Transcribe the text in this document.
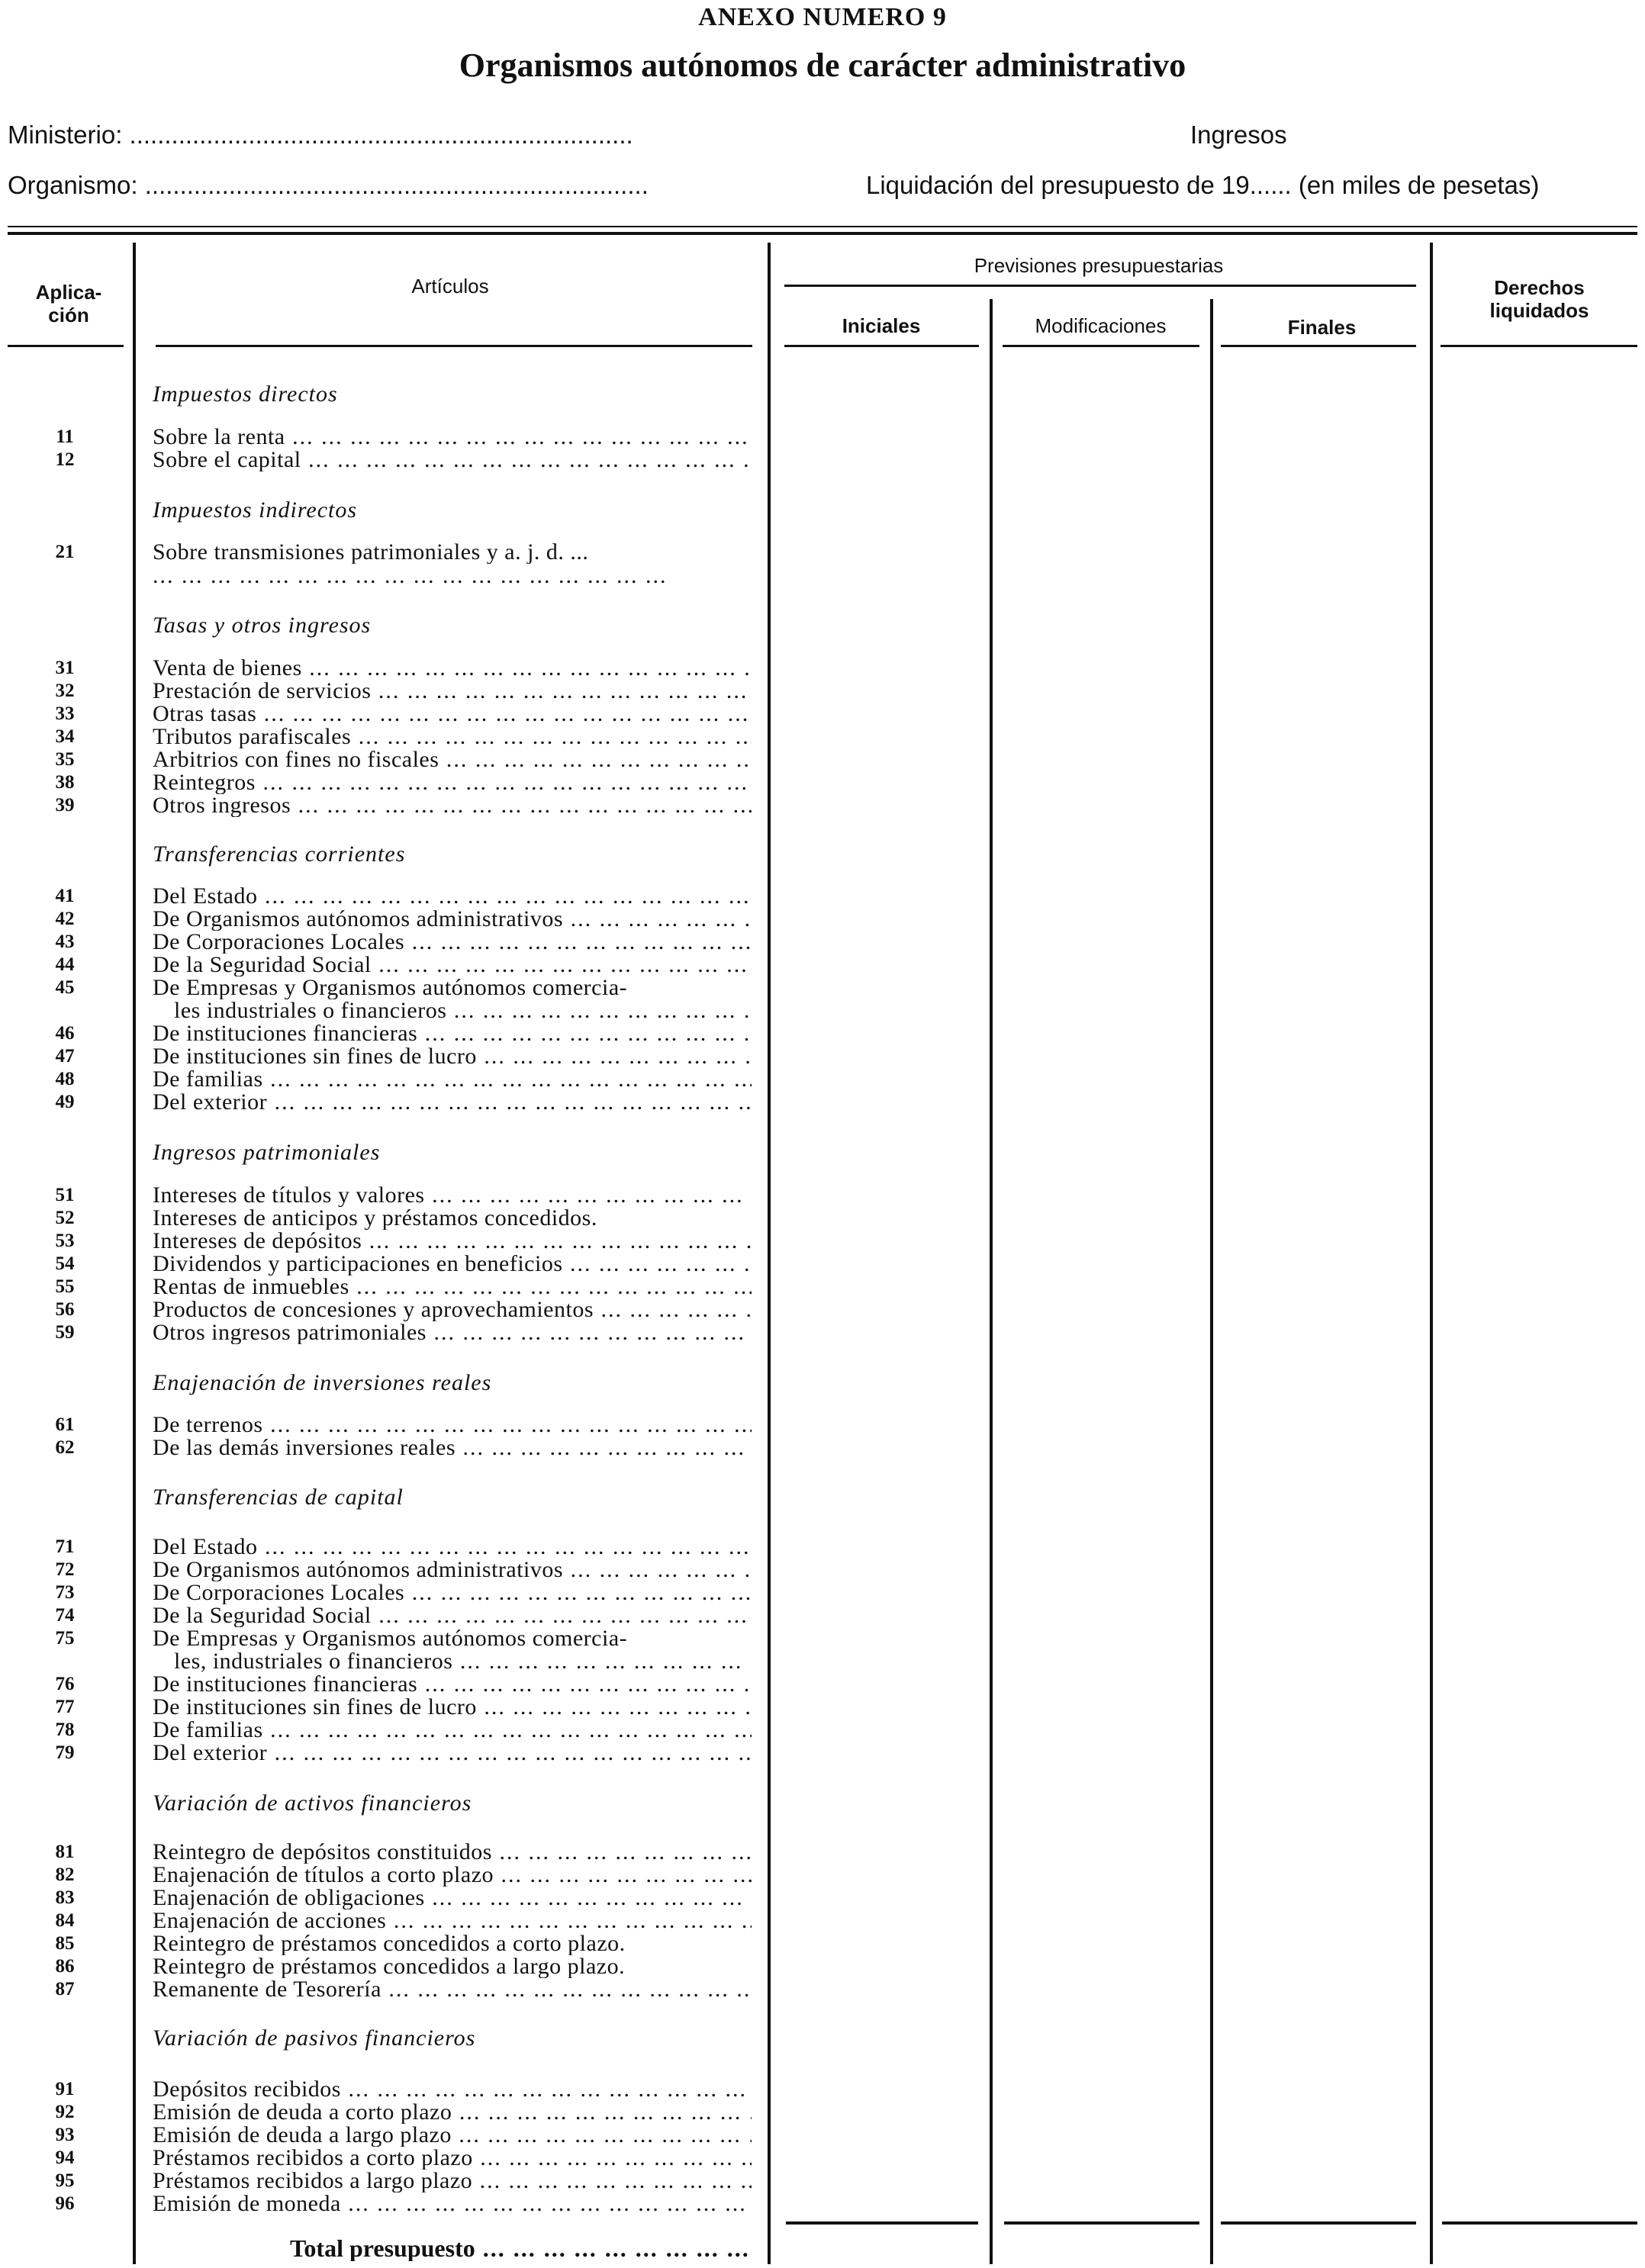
ANEXO NUMERO 9
Organismos autónomos de carácter administrativo
Ministerio: ........................................................................	Ingresos
Organismo: ........................................................................	Liquidación del presupuesto de 19...... (en miles de pesetas)
Aplica-
ción
Artículos
Previsiones presupuestarias
Iniciales	Modificaciones	Finales
Derechos
liquidados
Impuestos directos
11	Sobre la renta ... .
12	Sobre el capital ... .
Impuestos indirectos
21	Sobre transmisiones patrimoniales y a. j. d. ...
... ... ... ... ... ... ... ... ... ... ... ... ... ... ... ... ... ...
Tasas y otros ingresos
31	Venta de bienes ... .
32	Prestación de servicios ... .
33	Otras tasas ... .
34	Tributos parafiscales ... .
35	Arbitrios con fines no fiscales ... .
38	Reintegros ... .
39	Otros ingresos ... .
Transferencias corrientes
41	Del Estado ... .
42	De Organismos autónomos administrativos ... .
43	De Corporaciones Locales ... .
44	De la Seguridad Social ... .
45	De Empresas y Organismos autónomos comercia-
les industriales o financieros ... .
46	De instituciones financieras ... .
47	De instituciones sin fines de lucro ... .
48	De familias ... .
49	Del exterior ... .
Ingresos patrimoniales
51	Intereses de títulos y valores ... .
52	Intereses de anticipos y préstamos concedidos.
53	Intereses de depósitos ... .
54	Dividendos y participaciones en beneficios ... .
55	Rentas de inmuebles ... .
56	Productos de concesiones y aprovechamientos ... .
59	Otros ingresos patrimoniales ... .
Enajenación de inversiones reales
61	De terrenos ... .
62	De las demás inversiones reales ... .
Transferencias de capital
71	Del Estado ... .
72	De Organismos autónomos administrativos ... .
73	De Corporaciones Locales ... .
74	De la Seguridad Social ... .
75	De Empresas y Organismos autónomos comercia-
les, industriales o financieros ... .
76	De instituciones financieras ... .
77	De instituciones sin fines de lucro ... .
78	De familias ... .
79	Del exterior ... .
Variación de activos financieros
81	Reintegro de depósitos constituidos ... .
82	Enajenación de títulos a corto plazo ... .
83	Enajenación de obligaciones ... .
84	Enajenación de acciones ... .
85	Reintegro de préstamos concedidos a corto plazo.
86	Reintegro de préstamos concedidos a largo plazo.
87	Remanente de Tesorería ... .
Variación de pasivos financieros
91	Depósitos recibidos ... .
92	Emisión de deuda a corto plazo ... .
93	Emisión de deuda a largo plazo ... .
94	Préstamos recibidos a corto plazo ... .
95	Préstamos recibidos a largo plazo ... .
96	Emisión de moneda ... .
Total presupuesto ... .
